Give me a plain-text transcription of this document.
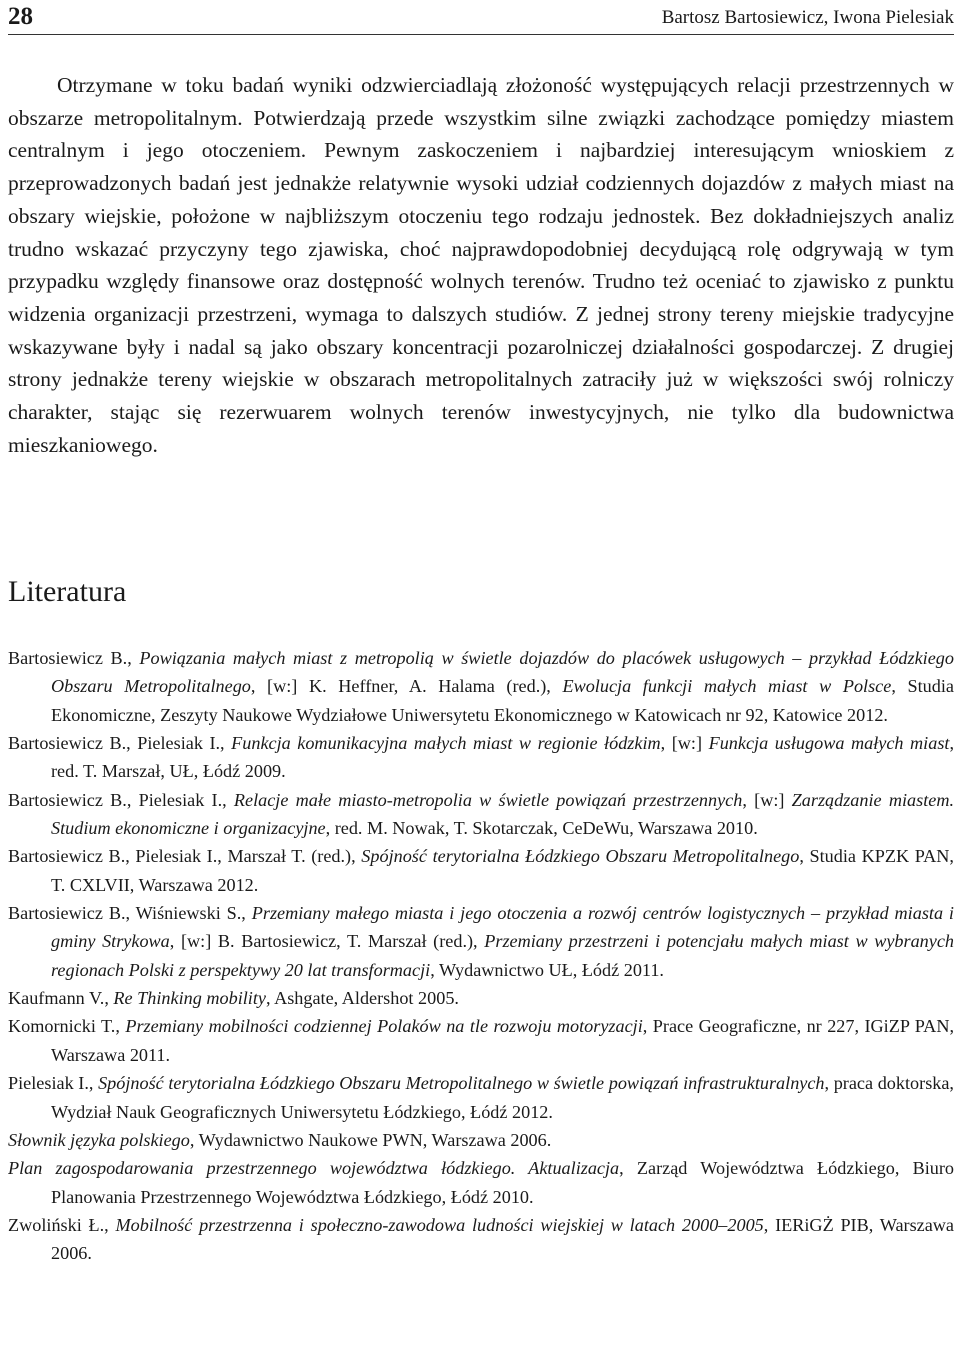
28	Bartosz Bartosiewicz, Iwona Pielesiak

Otrzymane w toku badań wyniki odzwierciadlają złożoność występujących relacji przestrzennych w obszarze metropolitalnym. Potwierdzają przede wszystkim silne związki zachodzące pomiędzy miastem centralnym i jego otoczeniem. Pewnym zaskoczeniem i najbardziej interesującym wnioskiem z przeprowadzonych badań jest jednakże relatywnie wysoki udział codziennych dojazdów z małych miast na obszary wiejskie, położone w najbliższym otoczeniu tego rodzaju jednostek. Bez dokładniejszych analiz trudno wskazać przyczyny tego zjawiska, choć najprawdopodobniej decydującą rolę odgrywają w tym przypadku względy finansowe oraz dostępność wolnych terenów. Trudno też oceniać to zjawisko z punktu widzenia organizacji przestrzeni, wymaga to dalszych studiów. Z jednej strony tereny miejskie tradycyjne wskazywane były i nadal są jako obszary koncentracji pozarolniczej działalności gospodarczej. Z drugiej strony jednakże tereny wiejskie w obszarach metropolitalnych zatraciły już w większości swój rolniczy charakter, stając się rezerwuarem wolnych terenów inwestycyjnych, nie tylko dla budownictwa mieszkaniowego.

Literatura
Bartosiewicz B., Powiązania małych miast z metropolią w świetle dojazdów do placówek usługowych – przykład Łódzkiego Obszaru Metropolitalnego, [w:] K. Heffner, A. Halama (red.), Ewolucja funkcji małych miast w Polsce, Studia Ekonomiczne, Zeszyty Naukowe Wydziałowe Uniwersytetu Ekonomicznego w Katowicach nr 92, Katowice 2012.
Bartosiewicz B., Pielesiak I., Funkcja komunikacyjna małych miast w regionie łódzkim, [w:] Funkcja usługowa małych miast, red. T. Marszał, UŁ, Łódź 2009.
Bartosiewicz B., Pielesiak I., Relacje małe miasto-metropolia w świetle powiązań przestrzennych, [w:] Zarządzanie miastem. Studium ekonomiczne i organizacyjne, red. M. Nowak, T. Skotarczak, CeDeWu, Warszawa 2010.
Bartosiewicz B., Pielesiak I., Marszał T. (red.), Spójność terytorialna Łódzkiego Obszaru Metropolitalnego, Studia KPZK PAN, T. CXLVII, Warszawa 2012.
Bartosiewicz B., Wiśniewski S., Przemiany małego miasta i jego otoczenia a rozwój centrów logistycznych – przykład miasta i gminy Strykowa, [w:] B. Bartosiewicz, T. Marszał (red.), Przemiany przestrzeni i potencjału małych miast w wybranych regionach Polski z perspektywy 20 lat transformacji, Wydawnictwo UŁ, Łódź 2011.
Kaufmann V., Re Thinking mobility, Ashgate, Aldershot 2005.
Komornicki T., Przemiany mobilności codziennej Polaków na tle rozwoju motoryzacji, Prace Geograficzne, nr 227, IGiZP PAN, Warszawa 2011.
Pielesiak I., Spójność terytorialna Łódzkiego Obszaru Metropolitalnego w świetle powiązań infrastrukturalnych, praca doktorska, Wydział Nauk Geograficznych Uniwersytetu Łódzkiego, Łódź 2012.
Słownik języka polskiego, Wydawnictwo Naukowe PWN, Warszawa 2006.
Plan zagospodarowania przestrzennego województwa łódzkiego. Aktualizacja, Zarząd Województwa Łódzkiego, Biuro Planowania Przestrzennego Województwa Łódzkiego, Łódź 2010.
Zwoliński Ł., Mobilność przestrzenna i społeczno-zawodowa ludności wiejskiej w latach 2000–2005, IERiGŻ PIB, Warszawa 2006.
